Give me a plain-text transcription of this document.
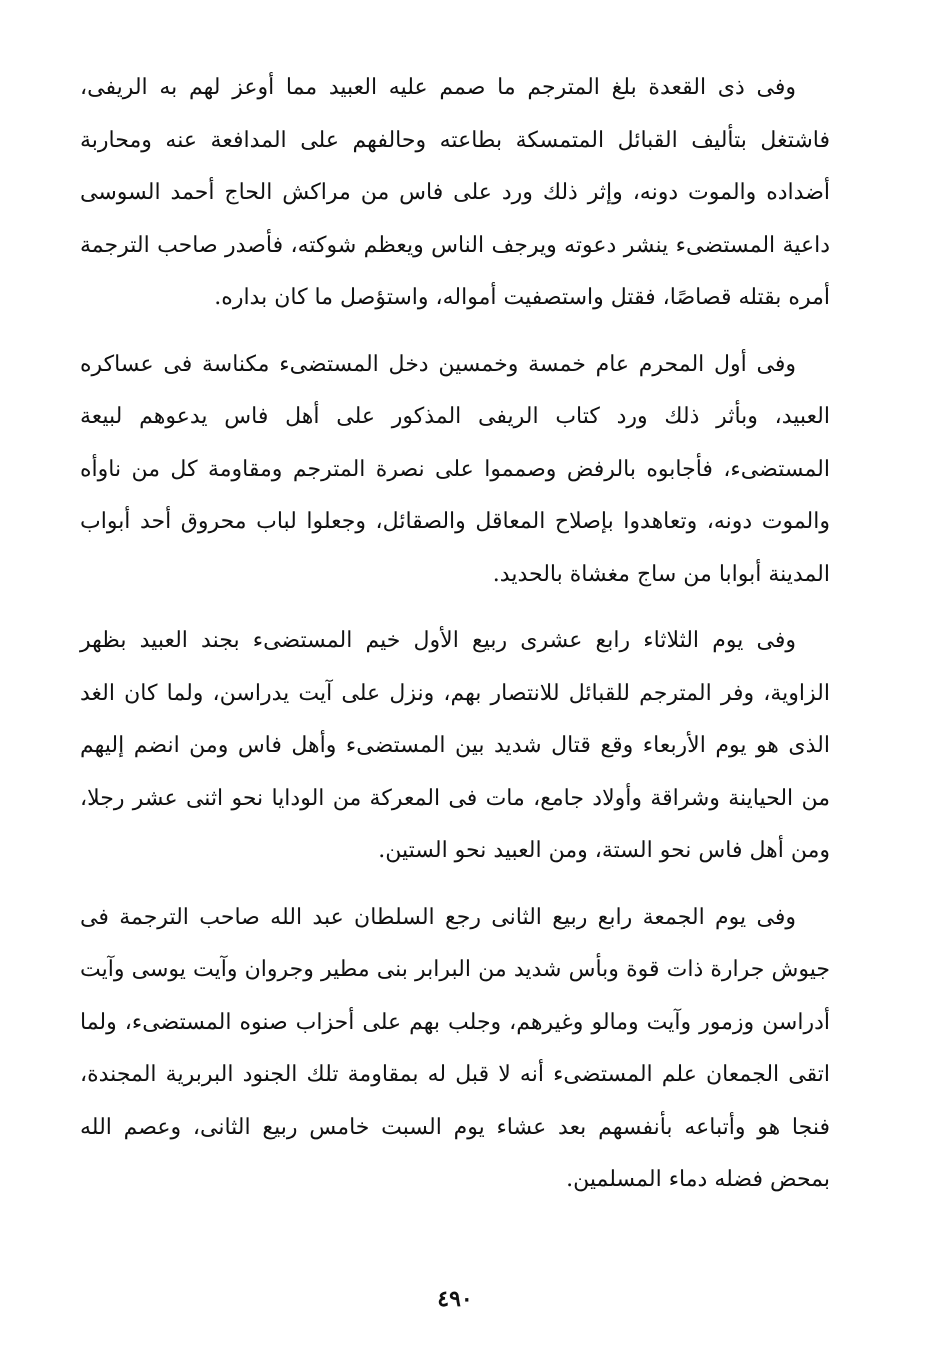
وفى ذى القعدة بلغ المترجم ما صمم عليه العبيد مما أوعز لهم به الريفى، فاشتغل بتأليف القبائل المتمسكة بطاعته وحالفهم على المدافعة عنه ومحاربة أضداده والموت دونه، وإثر ذلك ورد على فاس من مراكش الحاج أحمد السوسى داعية المستضىء ينشر دعوته ويرجف الناس ويعظم شوكته، فأصدر صاحب الترجمة أمره بقتله قصاصًا، فقتل واستصفيت أمواله، واستؤصل ما كان بداره.

وفى أول المحرم عام خمسة وخمسين دخل المستضىء مكناسة فى عساكره العبيد، وبأثر ذلك ورد كتاب الريفى المذكور على أهل فاس يدعوهم لبيعة المستضىء، فأجابوه بالرفض وصمموا على نصرة المترجم ومقاومة كل من ناوأه والموت دونه، وتعاهدوا بإصلاح المعاقل والصقائل، وجعلوا لباب محروق أحد أبواب المدينة أبوابا من ساج مغشاة بالحديد.

وفى يوم الثلاثاء رابع عشرى ربيع الأول خيم المستضىء بجند العبيد بظهر الزاوية، وفر المترجم للقبائل للانتصار بهم، ونزل على آيت يدراسن، ولما كان الغد الذى هو يوم الأربعاء وقع قتال شديد بين المستضىء وأهل فاس ومن انضم إليهم من الحياينة وشراقة وأولاد جامع، مات فى المعركة من الودايا نحو اثنى عشر رجلا، ومن أهل فاس نحو الستة، ومن العبيد نحو الستين.

وفى يوم الجمعة رابع ربيع الثانى رجع السلطان عبد الله صاحب الترجمة فى جيوش جرارة ذات قوة وبأس شديد من البرابر بنى مطير وجروان وآيت يوسى وآيت أدراسن وزمور وآيت ومالو وغيرهم، وجلب بهم على أحزاب صنوه المستضىء، ولما اتقى الجمعان علم المستضىء أنه لا قبل له بمقاومة تلك الجنود البربرية المجندة، فنجا هو وأتباعه بأنفسهم بعد عشاء يوم السبت خامس ربيع الثانى، وعصم الله بمحض فضله دماء المسلمين.

٤٩٠
